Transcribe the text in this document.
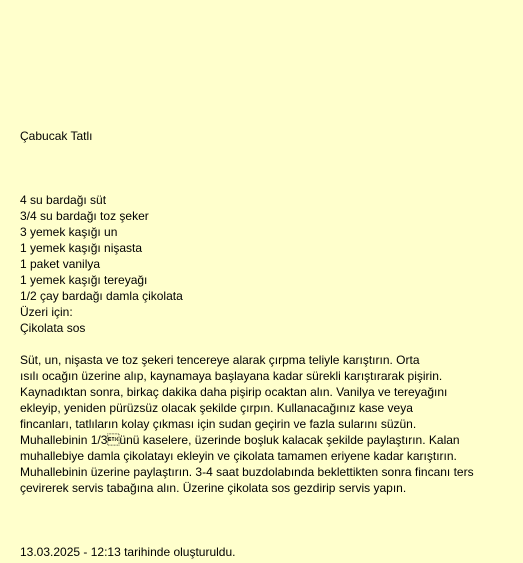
Çabucak Tatlı
4 su bardağı süt
3/4 su bardağı toz şeker
3 yemek kaşığı un
1 yemek kaşığı nişasta
1 paket vanilya
1 yemek kaşığı tereyağı
1/2 çay bardağı damla çikolata
Üzeri için:
Çikolata sos
Süt, un, nişasta ve toz şekeri tencereye alarak çırpma teliyle karıştırın. Orta
ısılı ocağın üzerine alıp, kaynamaya başlayana kadar sürekli karıştırarak pişirin.
Kaynadıktan sonra, birkaç dakika daha pişirip ocaktan alın. Vanilya ve tereyağını
ekleyip, yeniden pürüzsüz olacak şekilde çırpın. Kullanacağınız kase veya
fincanları, tatlıların kolay çıkması için sudan geçirin ve fazla sularını süzün.
Muhallebinin 1/3ünü kaselere, üzerinde boşluk kalacak şekilde paylaştırın. Kalan
muhallebiye damla çikolatayı ekleyin ve çikolata tamamen eriyene kadar karıştırın.
Muhallebinin üzerine paylaştırın. 3-4 saat buzdolabında beklettikten sonra fincanı ters
çevirerek servis tabağına alın. Üzerine çikolata sos gezdirip servis yapın.
13.03.2025 - 12:13 tarihinde oluşturuldu.
